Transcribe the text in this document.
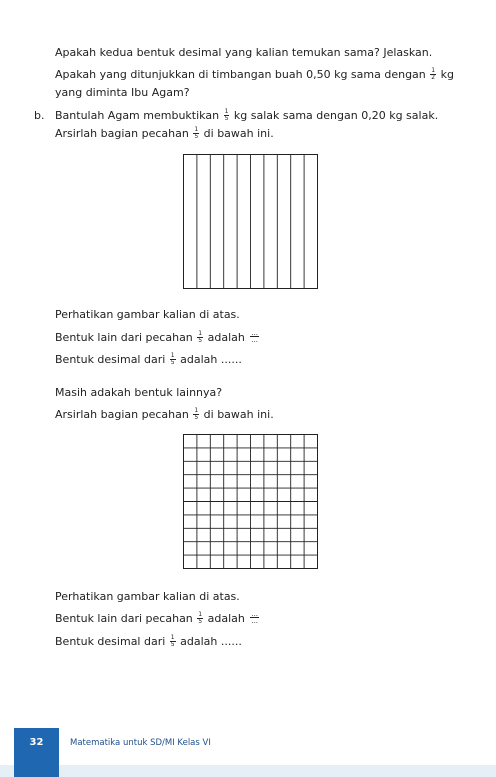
Apakah kedua bentuk desimal yang kalian temukan sama? Jelaskan.
Apakah yang ditunjukkan di timbangan buah 0,50 kg sama dengan $\frac{1}{2}$ kg
yang diminta Ibu Agam?
b. Bantulah Agam membuktikan $\frac{1}{5}$ kg salak sama dengan 0,20 kg salak.
Arsirlah bagian pecahan $\frac{1}{5}$ di bawah ini.
Perhatikan gambar kalian di atas.
Bentuk lain dari pecahan $\frac{1}{5}$ adalah ...
...
Bentuk desimal dari $\frac{1}{5}$ adalah ......
Masih adakah bentuk lainnya?
Arsirlah bagian pecahan $\frac{1}{5}$ di bawah ini.
Perhatikan gambar kalian di atas.
Bentuk lain dari pecahan $\frac{1}{5}$ adalah ...
...
Bentuk desimal dari $\frac{1}{5}$ adalah ......
32	Matematika untuk SD/MI Kelas VI
